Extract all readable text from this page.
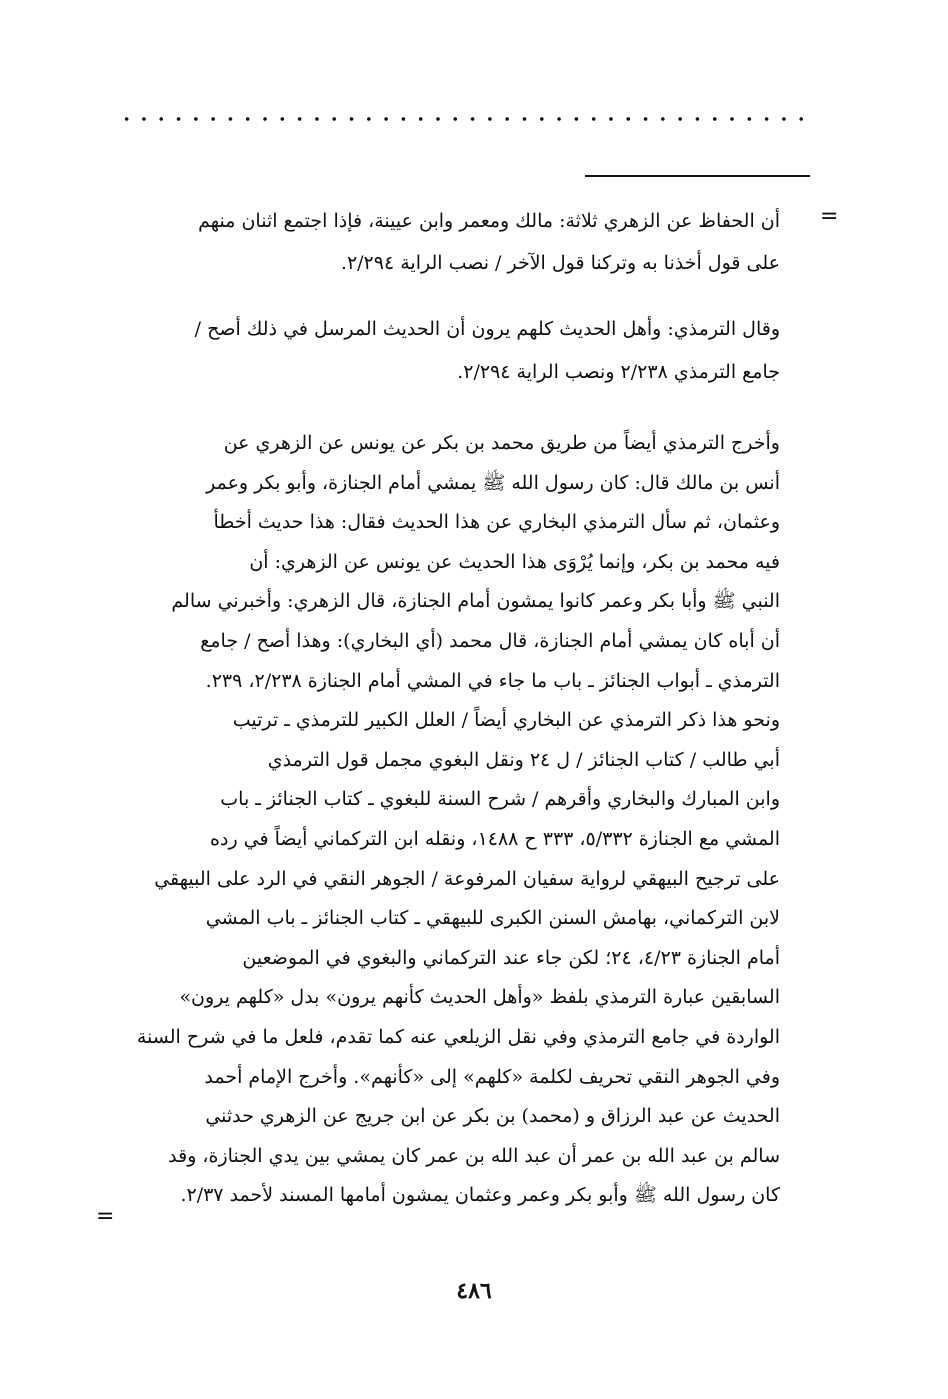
=
أن الحفاظ عن الزهري ثلاثة: مالك ومعمر وابن عيينة، فإذا اجتمع اثنان منهم
على قول أخذنا به وتركنا قول الآخر / نصب الراية ٢/٢٩٤.
وقال الترمذي: وأهل الحديث كلهم يرون أن الحديث المرسل في ذلك أصح /
جامع الترمذي ٢/٢٣٨ ونصب الراية ٢/٢٩٤.
وأخرج الترمذي أيضاً من طريق محمد بن بكر عن يونس عن الزهري عن
أنس بن مالك قال: كان رسول الله ﷺ يمشي أمام الجنازة، وأبو بكر وعمر
وعثمان، ثم سأل الترمذي البخاري عن هذا الحديث فقال: هذا حديث أخطأ
فيه محمد بن بكر، وإنما يُرْوَى هذا الحديث عن يونس عن الزهري: أن
النبي ﷺ وأبا بكر وعمر كانوا يمشون أمام الجنازة، قال الزهري: وأخبرني سالم
أن أباه كان يمشي أمام الجنازة، قال محمد (أي البخاري): وهذا أصح / جامع
الترمذي ـ أبواب الجنائز ـ باب ما جاء في المشي أمام الجنازة ٢/٢٣٨، ٢٣٩.
ونحو هذا ذكر الترمذي عن البخاري أيضاً / العلل الكبير للترمذي ـ ترتيب
أبي طالب / كتاب الجنائز / ل ٢٤ ونقل البغوي مجمل قول الترمذي
وابن المبارك والبخاري وأقرهم / شرح السنة للبغوي ـ كتاب الجنائز ـ باب
المشي مع الجنازة ٥/٣٣٢، ٣٣٣ ح ١٤٨٨، ونقله ابن التركماني أيضاً في رده
على ترجيح البيهقي لرواية سفيان المرفوعة / الجوهر النقي في الرد على البيهقي
لابن التركماني، بهامش السنن الكبرى للبيهقي ـ كتاب الجنائز ـ باب المشي
أمام الجنازة ٤/٢٣، ٢٤؛ لكن جاء عند التركماني والبغوي في الموضعين
السابقين عبارة الترمذي بلفظ «وأهل الحديث كأنهم يرون» بدل «كلهم يرون»
الواردة في جامع الترمذي وفي نقل الزيلعي عنه كما تقدم، فلعل ما في شرح السنة
وفي الجوهر النقي تحريف لكلمة «كلهم» إلى «كأنهم». وأخرج الإمام أحمد
الحديث عن عبد الرزاق و (محمد) بن بكر عن ابن جريج عن الزهري حدثني
سالم بن عبد الله بن عمر أن عبد الله بن عمر كان يمشي بين يدي الجنازة، وقد
كان رسول الله ﷺ وأبو بكر وعمر وعثمان يمشون أمامها المسند لأحمد ٢/٣٧.
=
٤٨٦
